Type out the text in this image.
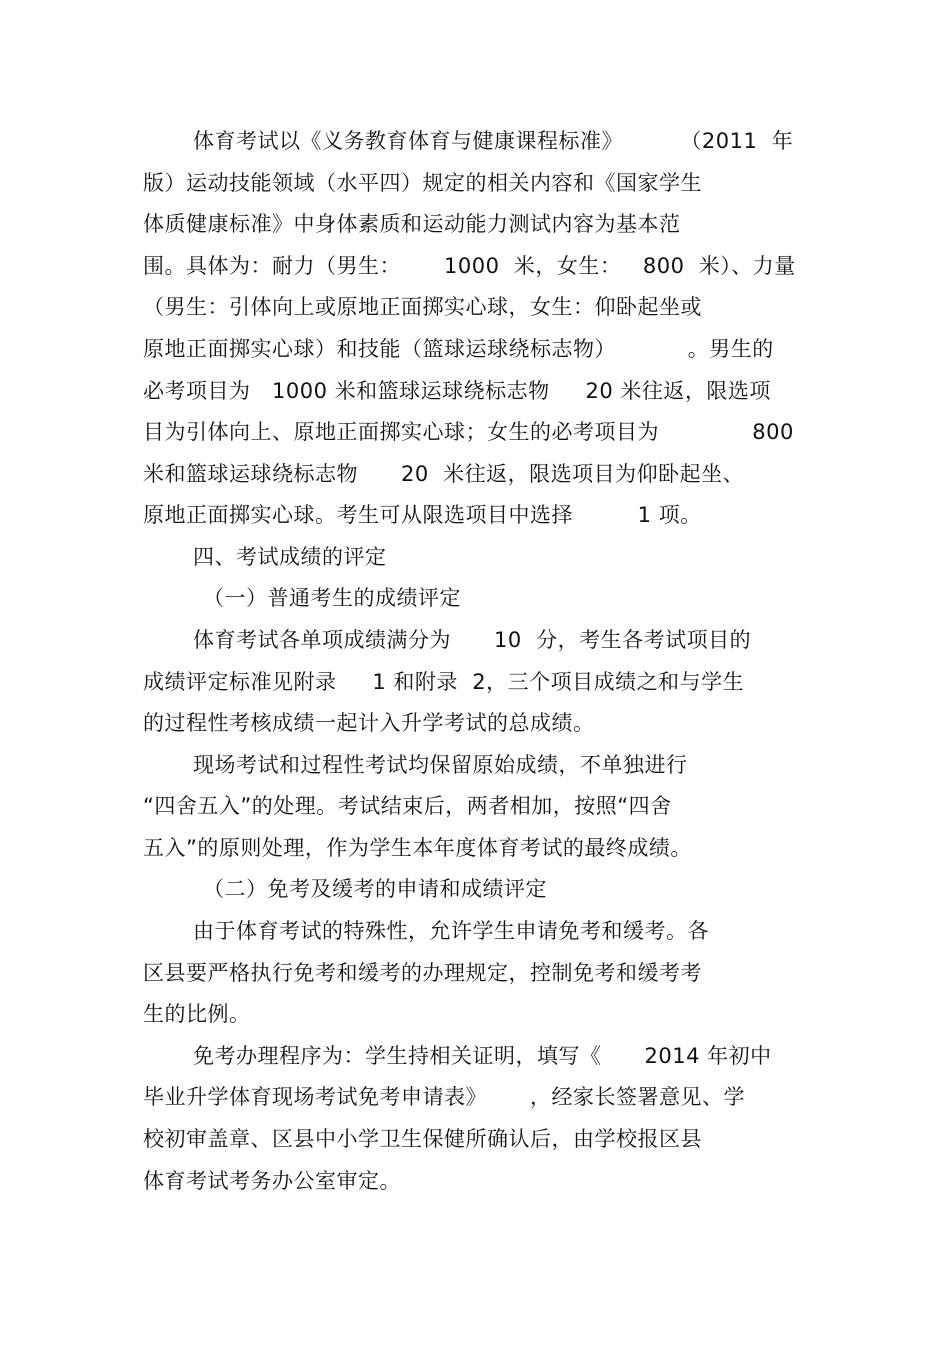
体育考试以《义务教育体育与健康课程标准》        （2011  年
版）运动技能领域（水平四）规定的相关内容和《国家学生
体质健康标准》中身体素质和运动能力测试内容为基本范
围。具体为：耐力（男生：      1000  米，女生：   800  米）、力量
（男生：引体向上或原地正面掷实心球，女生：仰卧起坐或
原地正面掷实心球）和技能（篮球运球绕标志物）          。男生的
必考项目为   1000 米和篮球运球绕标志物     20 米往返，限选项
目为引体向上、原地正面掷实心球；女生的必考项目为             800
米和篮球运球绕标志物      20  米往返，限选项目为仰卧起坐、
原地正面掷实心球。考生可从限选项目中选择         1 项。
四、考试成绩的评定
（一）普通考生的成绩评定
体育考试各单项成绩满分为      10  分，考生各考试项目的
成绩评定标准见附录     1 和附录  2，三个项目成绩之和与学生
的过程性考核成绩一起计入升学考试的总成绩。
现场考试和过程性考试均保留原始成绩，不单独进行
“四舍五入”的处理。考试结束后，两者相加，按照“四舍
五入”的原则处理，作为学生本年度体育考试的最终成绩。
（二）免考及缓考的申请和成绩评定
由于体育考试的特殊性，允许学生申请免考和缓考。各
区县要严格执行免考和缓考的办理规定，控制免考和缓考考
生的比例。
免考办理程序为：学生持相关证明，填写《      2014 年初中
毕业升学体育现场考试免考申请表》      ，经家长签署意见、学
校初审盖章、区县中小学卫生保健所确认后，由学校报区县
体育考试考务办公室审定。
